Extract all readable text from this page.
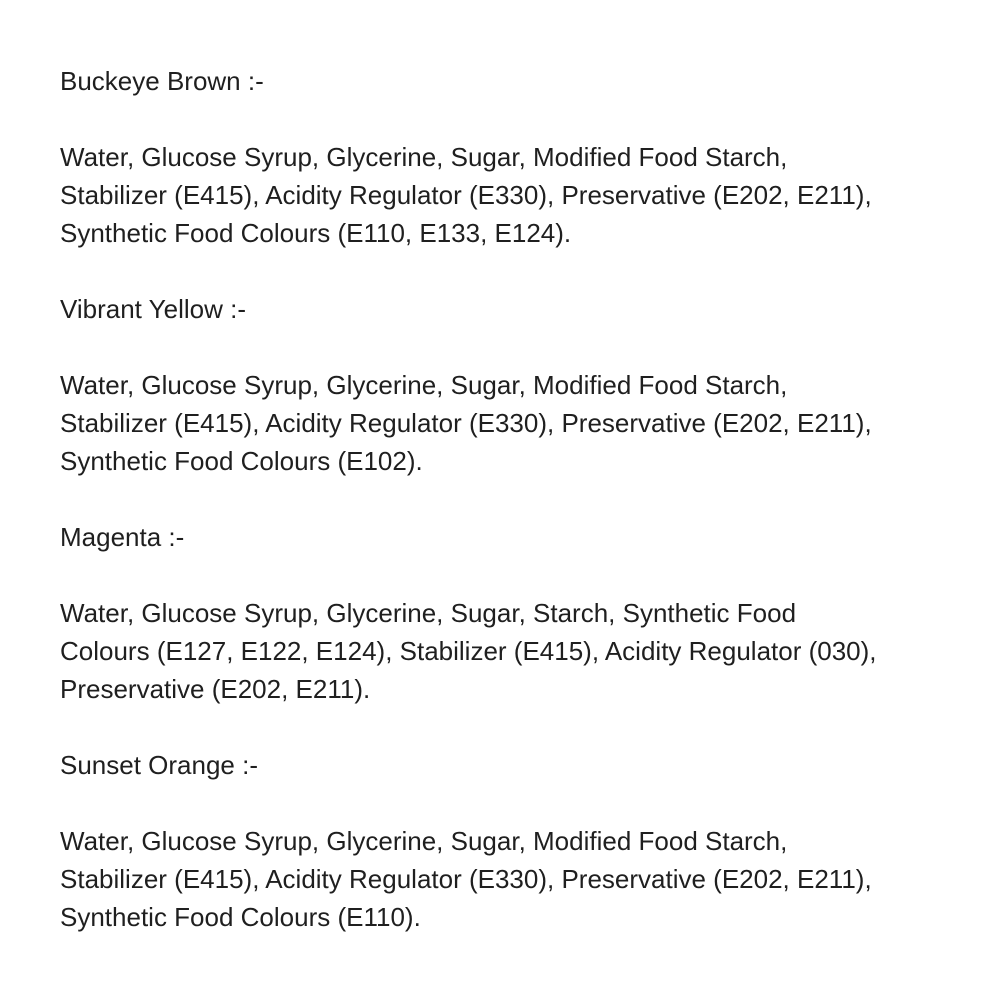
Buckeye Brown :-
Water, Glucose Syrup, Glycerine, Sugar, Modified Food Starch,
Stabilizer (E415), Acidity Regulator (E330), Preservative (E202, E211),
Synthetic Food Colours (E110, E133, E124).
Vibrant Yellow :-
Water, Glucose Syrup, Glycerine, Sugar, Modified Food Starch,
Stabilizer (E415), Acidity Regulator (E330), Preservative (E202, E211),
Synthetic Food Colours (E102).
Magenta :-
Water, Glucose Syrup, Glycerine, Sugar, Starch, Synthetic Food
Colours (E127, E122, E124), Stabilizer (E415), Acidity Regulator (030),
Preservative (E202, E211).
Sunset Orange :-
Water, Glucose Syrup, Glycerine, Sugar, Modified Food Starch,
Stabilizer (E415), Acidity Regulator (E330), Preservative (E202, E211),
Synthetic Food Colours (E110).
